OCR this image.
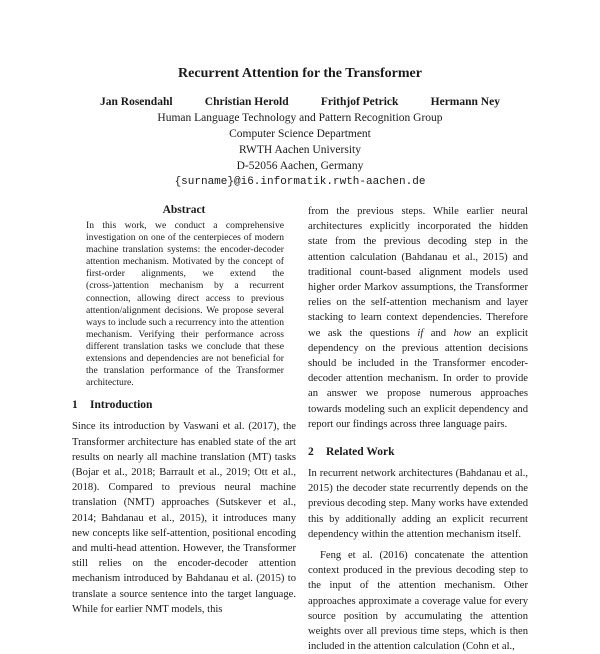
Recurrent Attention for the Transformer
Jan Rosendahl	Christian Herold	Frithjof Petrick	Hermann Ney
Human Language Technology and Pattern Recognition Group
Computer Science Department
RWTH Aachen University
D-52056 Aachen, Germany
{surname}@i6.informatik.rwth-aachen.de
Abstract

In this work, we conduct a comprehensive investigation on one of the centerpieces of modern machine translation systems: the encoder-decoder attention mechanism. Motivated by the concept of first-order alignments, we extend the (cross-)attention mechanism by a recurrent connection, allowing direct access to previous attention/alignment decisions. We propose several ways to include such a recurrency into the attention mechanism. Verifying their performance across different translation tasks we conclude that these extensions and dependencies are not beneficial for the translation performance of the Transformer architecture.

1 Introduction

Since its introduction by Vaswani et al. (2017), the Transformer architecture has enabled state of the art results on nearly all machine translation (MT) tasks (Bojar et al., 2018; Barrault et al., 2019; Ott et al., 2018). Compared to previous neural machine translation (NMT) approaches (Sutskever et al., 2014; Bahdanau et al., 2015), it introduces many new concepts like self-attention, positional encoding and multi-head attention. However, the Transformer still relies on the encoder-decoder attention mechanism introduced by Bahdanau et al. (2015) to translate a source sentence into the target language. While for earlier NMT models, this

from the previous steps. While earlier neural architectures explicitly incorporated the hidden state from the previous decoding step in the attention calculation (Bahdanau et al., 2015) and traditional count-based alignment models used higher order Markov assumptions, the Transformer relies on the self-attention mechanism and layer stacking to learn context dependencies. Therefore we ask the questions if and how an explicit dependency on the previous attention decisions should be included in the Transformer encoder-decoder attention mechanism. In order to provide an answer we propose numerous approaches towards modeling such an explicit dependency and report our findings across three language pairs.

2 Related Work

In recurrent network architectures (Bahdanau et al., 2015) the decoder state recurrently depends on the previous decoding step. Many works have extended this by additionally adding an explicit recurrent dependency within the attention mechanism itself.

Feng et al. (2016) concatenate the attention context produced in the previous decoding step to the input of the attention mechanism. Other approaches approximate a coverage value for every source position by accumulating the attention weights over all previous time steps, which is then included in the attention calculation (Cohn et al.,
